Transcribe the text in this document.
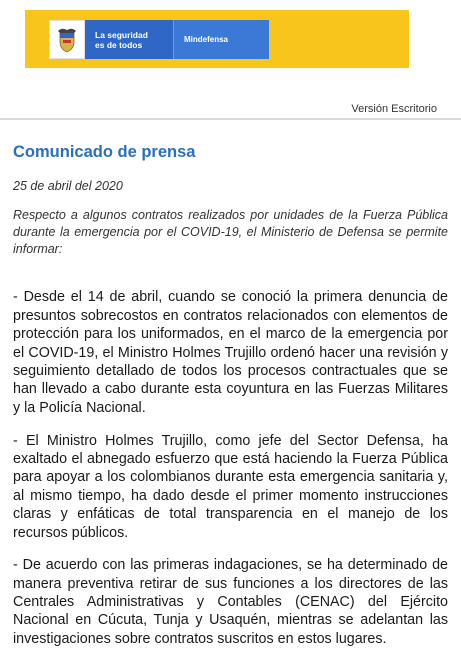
La seguridad
es de todos	Mindefensa
Versión Escritorio
Comunicado de prensa
25 de abril del 2020
Respecto a algunos contratos realizados por unidades de la Fuerza Pública durante la emergencia por el COVID-19, el Ministerio de Defensa se permite informar:

- Desde el 14 de abril, cuando se conoció la primera denuncia de presuntos sobrecostos en contratos relacionados con elementos de protección para los uniformados, en el marco de la emergencia por el COVID-19, el Ministro Holmes Trujillo ordenó hacer una revisión y seguimiento detallado de todos los procesos contractuales que se han llevado a cabo durante esta coyuntura en las Fuerzas Militares y la Policía Nacional.

- El Ministro Holmes Trujillo, como jefe del Sector Defensa, ha exaltado el abnegado esfuerzo que está haciendo la Fuerza Pública para apoyar a los colombianos durante esta emergencia sanitaria y, al mismo tiempo, ha dado desde el primer momento instrucciones claras y enfáticas de total transparencia en el manejo de los recursos públicos.

- De acuerdo con las primeras indagaciones, se ha determinado de manera preventiva retirar de sus funciones a los directores de las Centrales Administrativas y Contables (CENAC) del Ejército Nacional en Cúcuta, Tunja y Usaquén, mientras se adelantan las investigaciones sobre contratos suscritos en estos lugares.
